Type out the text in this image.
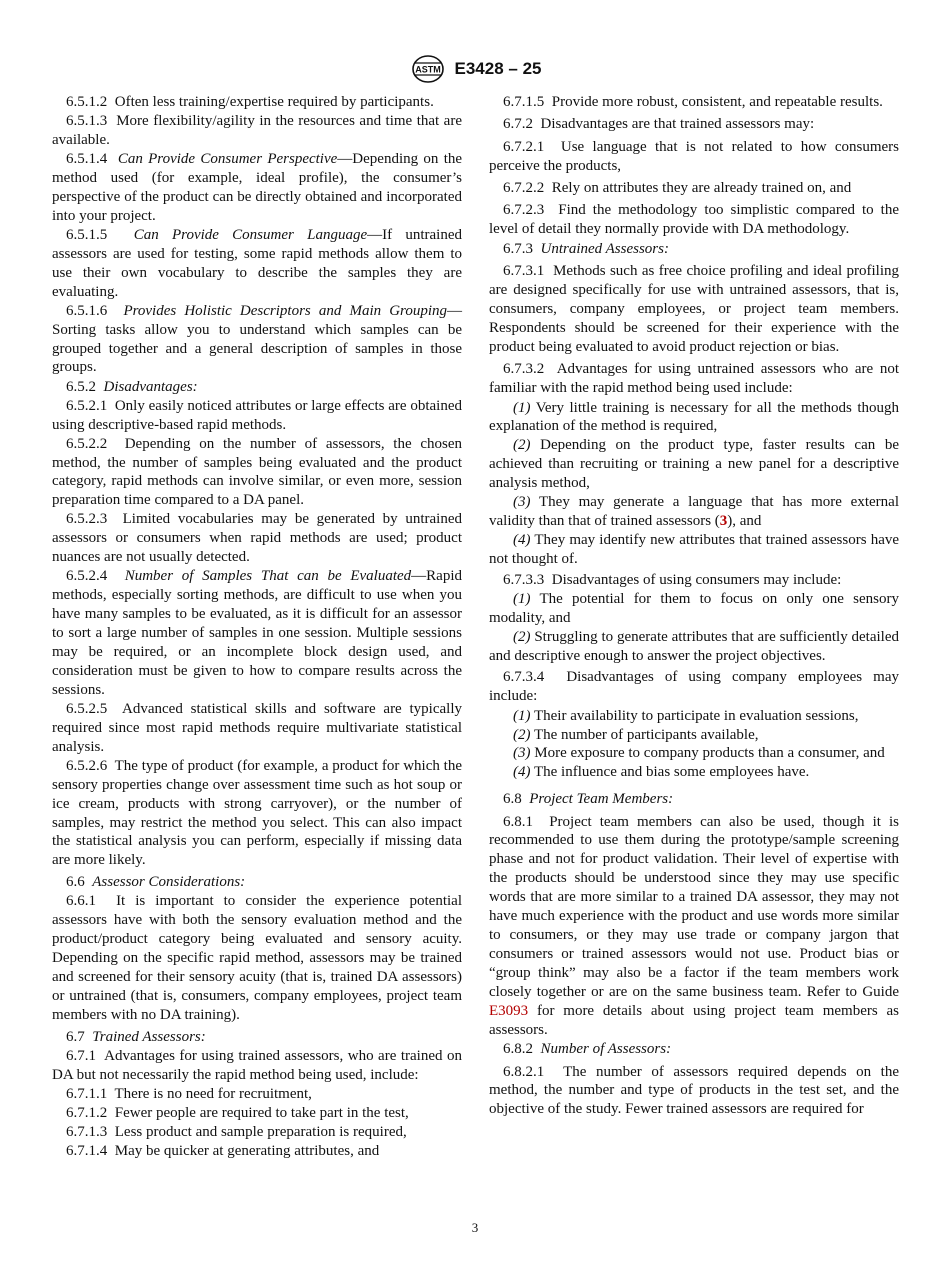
ASTM E3428 – 25

6.5.1.2 Often less training/expertise required by participants.

6.5.1.3 More flexibility/agility in the resources and time that are available.

6.5.1.4 Can Provide Consumer Perspective—Depending on the method used (for example, ideal profile), the consumer’s perspective of the product can be directly obtained and incorporated into your project.

6.5.1.5 Can Provide Consumer Language—If untrained assessors are used for testing, some rapid methods allow them to use their own vocabulary to describe the samples they are evaluating.

6.5.1.6 Provides Holistic Descriptors and Main Grouping—Sorting tasks allow you to understand which samples can be grouped together and a general description of samples in those groups.

6.5.2 Disadvantages:

6.5.2.1 Only easily noticed attributes or large effects are obtained using descriptive-based rapid methods.

6.5.2.2 Depending on the number of assessors, the chosen method, the number of samples being evaluated and the product category, rapid methods can involve similar, or even more, session preparation time compared to a DA panel.

6.5.2.3 Limited vocabularies may be generated by untrained assessors or consumers when rapid methods are used; product nuances are not usually detected.

6.5.2.4 Number of Samples That can be Evaluated—Rapid methods, especially sorting methods, are difficult to use when you have many samples to be evaluated, as it is difficult for an assessor to sort a large number of samples in one session. Multiple sessions may be required, or an incomplete block design used, and consideration must be given to how to compare results across the sessions.

6.5.2.5 Advanced statistical skills and software are typically required since most rapid methods require multivariate statistical analysis.

6.5.2.6 The type of product (for example, a product for which the sensory properties change over assessment time such as hot soup or ice cream, products with strong carryover), or the number of samples, may restrict the method you select. This can also impact the statistical analysis you can perform, especially if missing data are more likely.

6.6 Assessor Considerations:

6.6.1 It is important to consider the experience potential assessors have with both the sensory evaluation method and the product/product category being evaluated and sensory acuity. Depending on the specific rapid method, assessors may be trained and screened for their sensory acuity (that is, trained DA assessors) or untrained (that is, consumers, company employees, project team members with no DA training).

6.7 Trained Assessors:

6.7.1 Advantages for using trained assessors, who are trained on DA but not necessarily the rapid method being used, include:

6.7.1.1 There is no need for recruitment,

6.7.1.2 Fewer people are required to take part in the test,

6.7.1.3 Less product and sample preparation is required,

6.7.1.4 May be quicker at generating attributes, and

6.7.1.5 Provide more robust, consistent, and repeatable results.

6.7.2 Disadvantages are that trained assessors may:

6.7.2.1 Use language that is not related to how consumers perceive the products,

6.7.2.2 Rely on attributes they are already trained on, and

6.7.2.3 Find the methodology too simplistic compared to the level of detail they normally provide with DA methodology.

6.7.3 Untrained Assessors:

6.7.3.1 Methods such as free choice profiling and ideal profiling are designed specifically for use with untrained assessors, that is, consumers, company employees, or project team members. Respondents should be screened for their experience with the product being evaluated to avoid product rejection or bias.

6.7.3.2 Advantages for using untrained assessors who are not familiar with the rapid method being used include:

(1) Very little training is necessary for all the methods though explanation of the method is required,

(2) Depending on the product type, faster results can be achieved than recruiting or training a new panel for a descriptive analysis method,

(3) They may generate a language that has more external validity than that of trained assessors (3), and

(4) They may identify new attributes that trained assessors have not thought of.

6.7.3.3 Disadvantages of using consumers may include:

(1) The potential for them to focus on only one sensory modality, and

(2) Struggling to generate attributes that are sufficiently detailed and descriptive enough to answer the project objectives.

6.7.3.4 Disadvantages of using company employees may include:

(1) Their availability to participate in evaluation sessions,

(2) The number of participants available,

(3) More exposure to company products than a consumer, and

(4) The influence and bias some employees have.

6.8 Project Team Members:

6.8.1 Project team members can also be used, though it is recommended to use them during the prototype/sample screening phase and not for product validation. Their level of expertise with the products should be understood since they may use specific words that are more similar to a trained DA assessor, they may not have much experience with the product and use words more similar to consumers, or they may use trade or company jargon that consumers or trained assessors would not use. Product bias or “group think” may also be a factor if the team members work closely together or are on the same business team. Refer to Guide E3093 for more details about using project team members as assessors.

6.8.2 Number of Assessors:

6.8.2.1 The number of assessors required depends on the method, the number and type of products in the test set, and the objective of the study. Fewer trained assessors are required for

3
